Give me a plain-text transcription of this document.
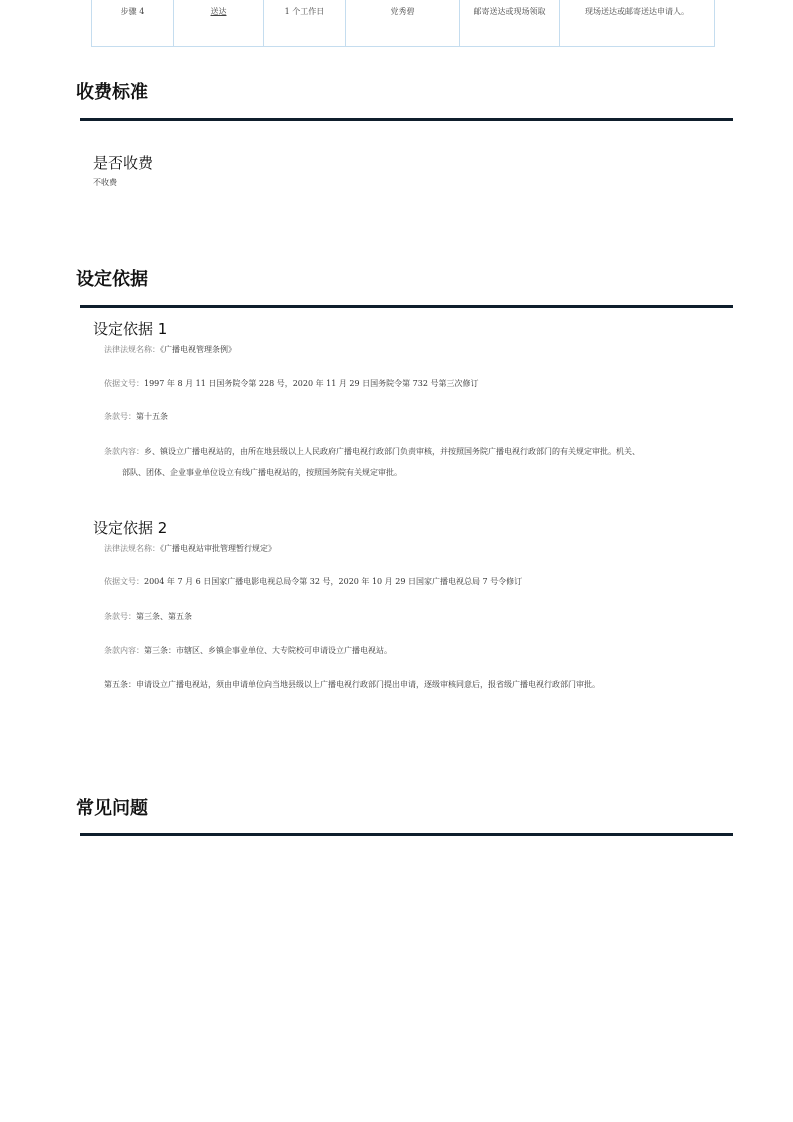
步骤 4	送达	1 个工作日	党秀碧	邮寄送达或现场领取	现场送达或邮寄送达申请人。
收费标准
是否收费
不收费
设定依据
设定依据 1
法律法规名称：《广播电视管理条例》
依据文号：1997 年 8 月 11 日国务院令第 228 号，2020 年 11 月 29 日国务院令第 732 号第三次修订
条款号：第十五条
条款内容：乡、镇设立广播电视站的，由所在地县级以上人民政府广播电视行政部门负责审核，并按照国务院广播电视行政部门的有关规定审批。机关、
部队、团体、企业事业单位设立有线广播电视站的，按照国务院有关规定审批。
设定依据 2
法律法规名称：《广播电视站审批管理暂行规定》
依据文号：2004 年 7 月 6 日国家广播电影电视总局令第 32 号，2020 年 10 月 29 日国家广播电视总局 7 号令修订
条款号：第三条、第五条
条款内容：第三条：市辖区、乡镇企事业单位、大专院校可申请设立广播电视站。
第五条：申请设立广播电视站，须由申请单位向当地县级以上广播电视行政部门提出申请，逐级审核同意后，报省级广播电视行政部门审批。
常见问题
